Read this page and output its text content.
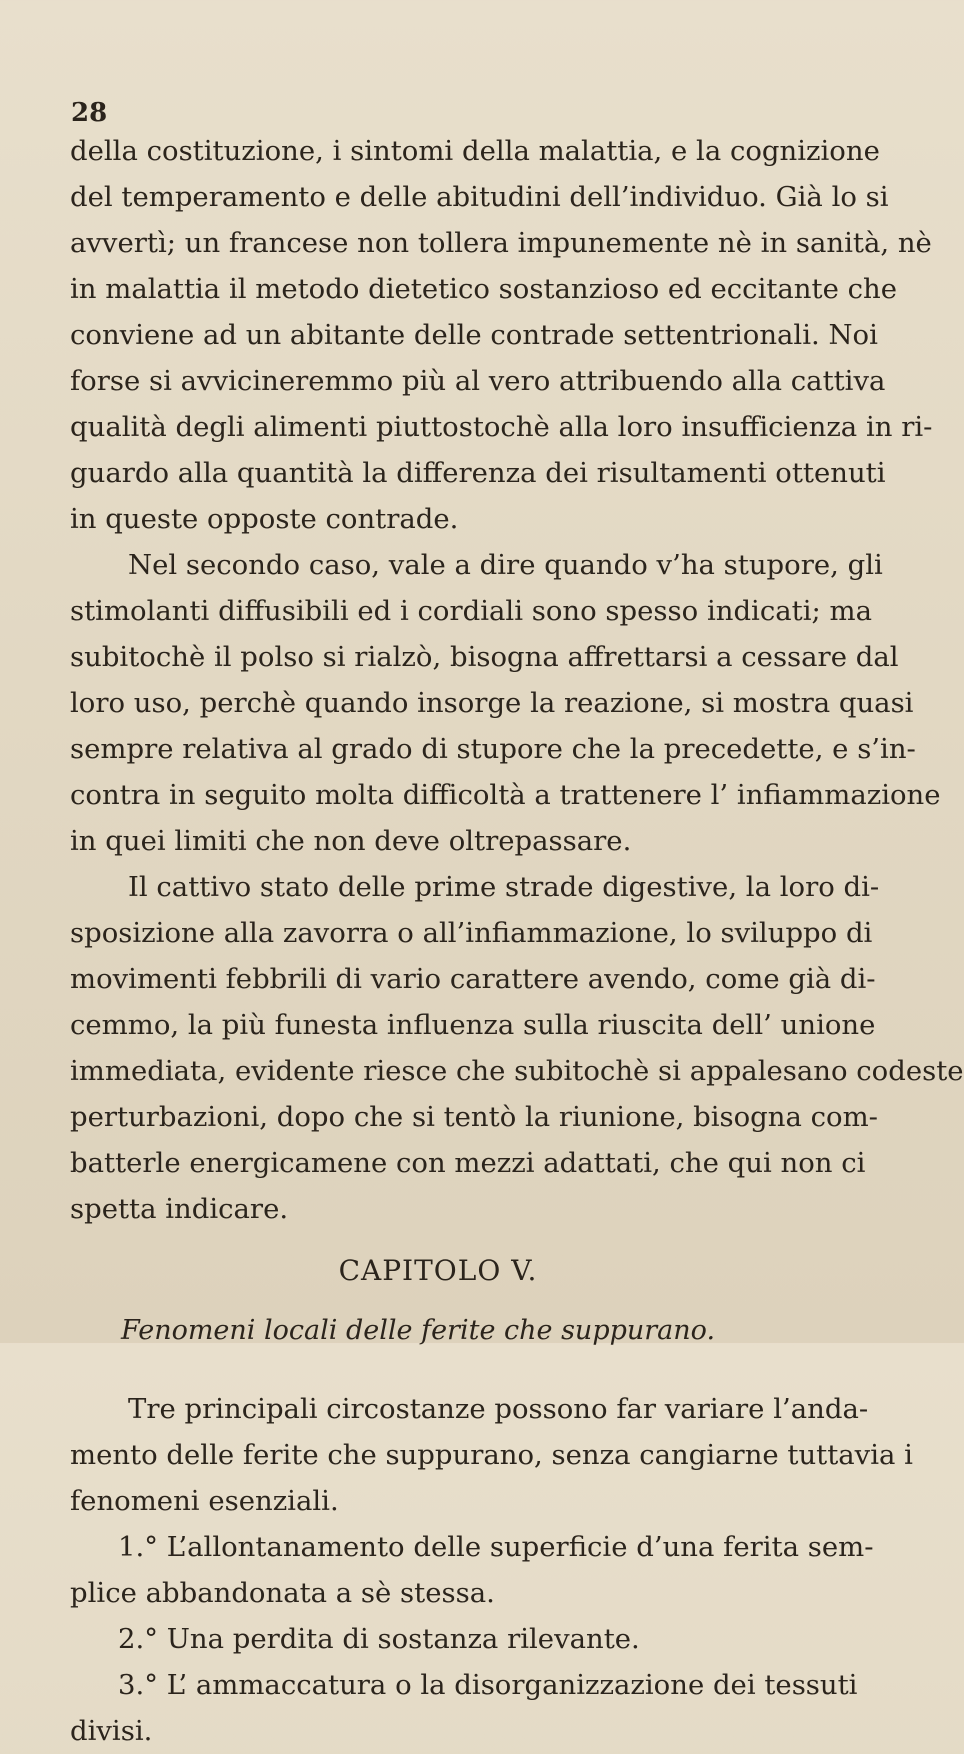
28
della costituzione, i sintomi della malattia, e la cognizione
del temperamento e delle abitudini dell’individuo. Già lo si
avvertì; un francese non tollera impunemente nè in sanità, nè
in malattia il metodo dietetico sostanzioso ed eccitante che
conviene ad un abitante delle contrade settentrionali. Noi
forse si avvicineremmo più al vero attribuendo alla cattiva
qualità degli alimenti piuttostochè alla loro insufficienza in ri-
guardo alla quantità la differenza dei risultamenti ottenuti
in queste opposte contrade.
Nel secondo caso, vale a dire quando v’ha stupore, gli
stimolanti diffusibili ed i cordiali sono spesso indicati; ma
subitochè il polso si rialzò, bisogna affrettarsi a cessare dal
loro uso, perchè quando insorge la reazione, si mostra quasi
sempre relativa al grado di stupore che la precedette, e s’in-
contra in seguito molta difficoltà a trattenere l’ infiammazione
in quei limiti che non deve oltrepassare.
Il cattivo stato delle prime strade digestive, la loro di-
sposizione alla zavorra o all’infiammazione, lo sviluppo di
movimenti febbrili di vario carattere avendo, come già di-
cemmo, la più funesta influenza sulla riuscita dell’ unione
immediata, evidente riesce che subitochè si appalesano codeste
perturbazioni, dopo che si tentò la riunione, bisogna com-
batterle energicamene con mezzi adattati, che qui non ci
spetta indicare.
CAPITOLO V.
Fenomeni locali delle ferite che suppurano.
Tre principali circostanze possono far variare l’anda-
mento delle ferite che suppurano, senza cangiarne tuttavia i
fenomeni esenziali.
1.° L’allontanamento delle superficie d’una ferita sem-
plice abbandonata a sè stessa.
2.° Una perdita di sostanza rilevante.
3.° L’ ammaccatura o la disorganizzazione dei tessuti
divisi.
